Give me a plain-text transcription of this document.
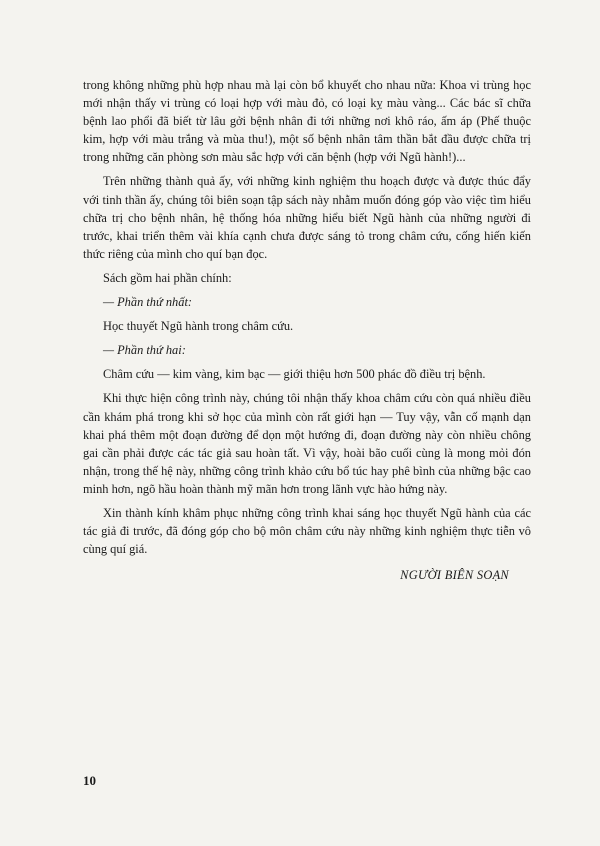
trong không những phù hợp nhau mà lại còn bổ khuyết cho nhau nữa: Khoa vi trùng học mới nhận thấy vi trùng có loại hợp với màu đỏ, có loại kỵ màu vàng... Các bác sĩ chữa bệnh lao phổi đã biết từ lâu gởi bệnh nhân đi tới những nơi khô ráo, ấm áp (Phế thuộc kim, hợp với màu trắng và mùa thu!), một số bệnh nhân tâm thần bắt đầu được chữa trị trong những căn phòng sơn màu sắc hợp với căn bệnh (hợp với Ngũ hành!)...

Trên những thành quả ấy, với những kinh nghiệm thu hoạch được và được thúc đẩy với tinh thần ấy, chúng tôi biên soạn tập sách này nhằm muốn đóng góp vào việc tìm hiểu chữa trị cho bệnh nhân, hệ thống hóa những hiểu biết Ngũ hành của những người đi trước, khai triển thêm vài khía cạnh chưa được sáng tỏ trong châm cứu, cống hiến kiến thức riêng của mình cho quí bạn đọc.

Sách gồm hai phần chính:

— Phần thứ nhất:

Học thuyết Ngũ hành trong châm cứu.

— Phần thứ hai:

Châm cứu — kim vàng, kim bạc — giới thiệu hơn 500 phác đồ điều trị bệnh.

Khi thực hiện công trình này, chúng tôi nhận thấy khoa châm cứu còn quá nhiều điều cần khám phá trong khi sở học của mình còn rất giới hạn — Tuy vậy, vẫn cố mạnh dạn khai phá thêm một đoạn đường để dọn một hướng đi, đoạn đường này còn nhiều chông gai cần phải được các tác giả sau hoàn tất. Vì vậy, hoài bão cuối cùng là mong mỏi đón nhận, trong thế hệ này, những công trình khảo cứu bổ túc hay phê bình của những bậc cao minh hơn, ngõ hầu hoàn thành mỹ mãn hơn trong lãnh vực hào hứng này.

Xin thành kính khâm phục những công trình khai sáng học thuyết Ngũ hành của các tác giả đi trước, đã đóng góp cho bộ môn châm cứu này những kinh nghiệm thực tiễn vô cùng quí giá.

NGƯỜI BIÊN SOẠN

10
